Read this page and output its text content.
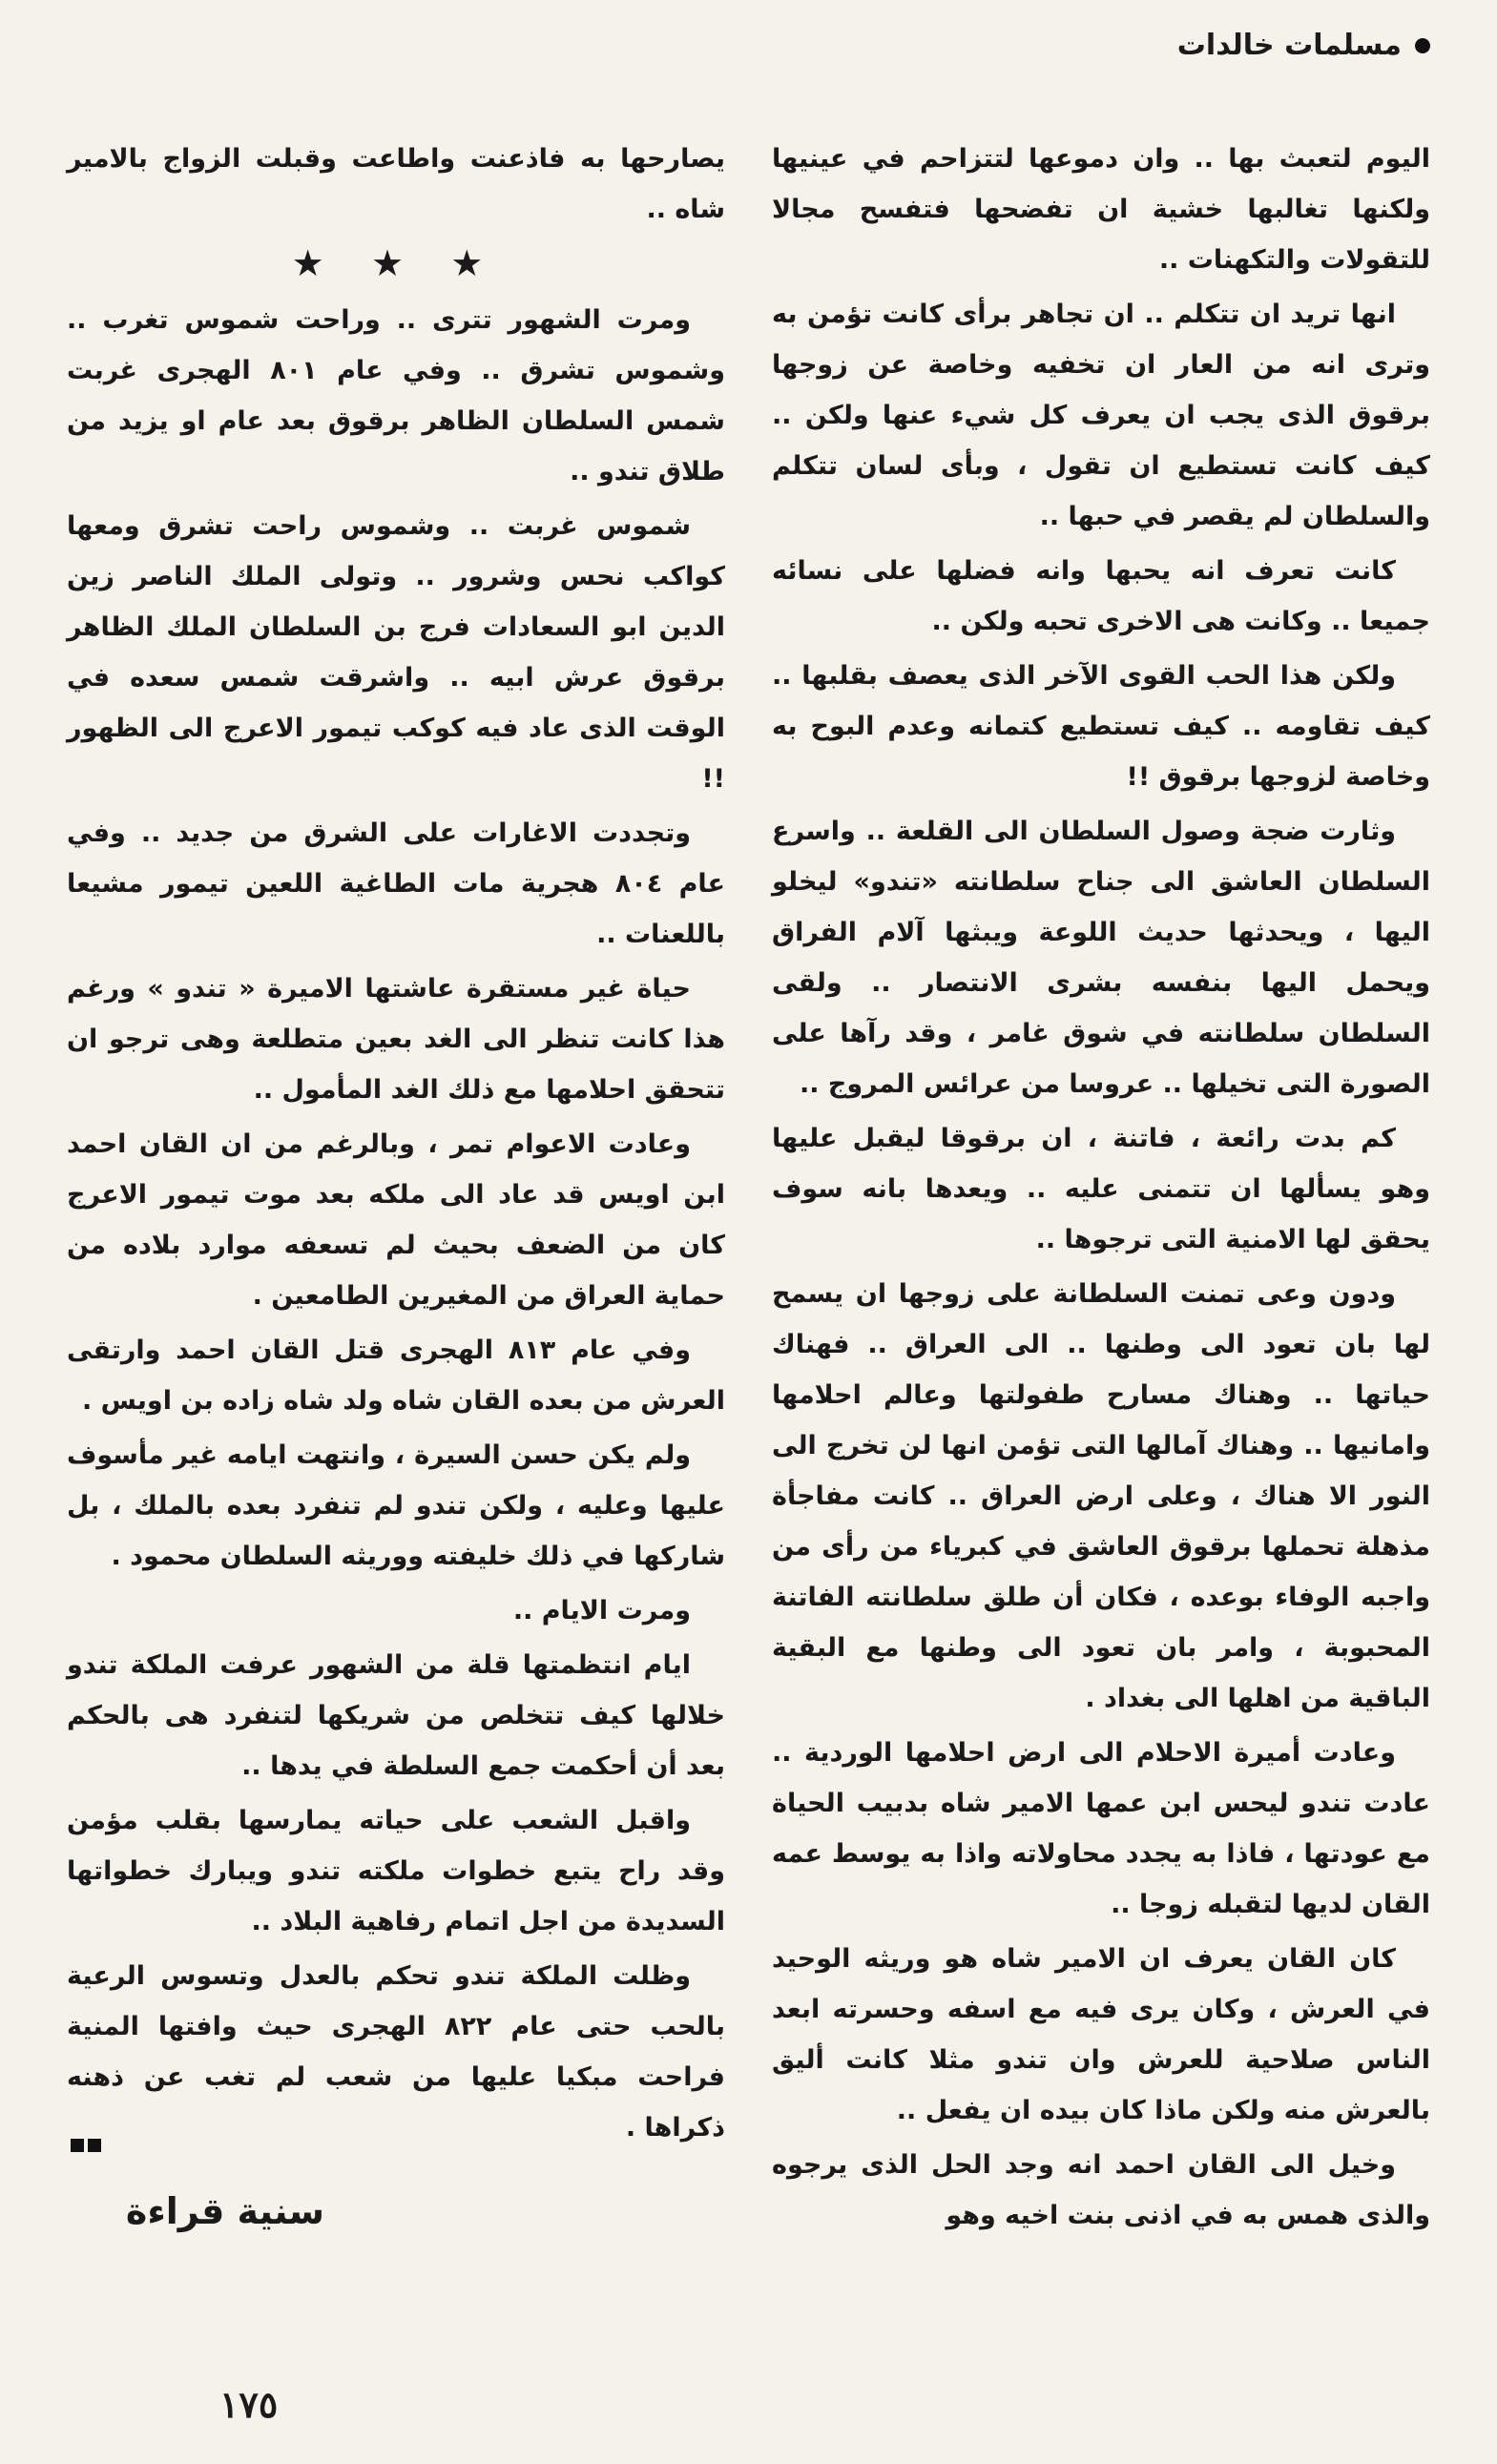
مسلمات خالدات

اليوم لتعبث بها .. وان دموعها لتتزاحم في عينيها ولكنها تغالبها خشية ان تفضحها فتفسح مجالا للتقولات والتكهنات ..

انها تريد ان تتكلم .. ان تجاهر برأى كانت تؤمن به وترى انه من العار ان تخفيه وخاصة عن زوجها برقوق الذى يجب ان يعرف كل شيء عنها ولكن .. كيف كانت تستطيع ان تقول ، وبأى لسان تتكلم والسلطان لم يقصر في حبها ..

كانت تعرف انه يحبها وانه فضلها على نسائه جميعا .. وكانت هى الاخرى تحبه ولكن ..

ولكن هذا الحب القوى الآخر الذى يعصف بقلبها .. كيف تقاومه .. كيف تستطيع كتمانه وعدم البوح به وخاصة لزوجها برقوق !!

وثارت ضجة وصول السلطان الى القلعة .. واسرع السلطان العاشق الى جناح سلطانته «تندو» ليخلو اليها ، ويحدثها حديث اللوعة ويبثها آلام الفراق ويحمل اليها بنفسه بشرى الانتصار .. ولقى السلطان سلطانته في شوق غامر ، وقد رآها على الصورة التى تخيلها .. عروسا من عرائس المروج ..

كم بدت رائعة ، فاتنة ، ان برقوقا ليقبل عليها وهو يسألها ان تتمنى عليه .. ويعدها بانه سوف يحقق لها الامنية التى ترجوها ..

ودون وعى تمنت السلطانة على زوجها ان يسمح لها بان تعود الى وطنها .. الى العراق .. فهناك حياتها .. وهناك مسارح طفولتها وعالم احلامها وامانيها .. وهناك آمالها التى تؤمن انها لن تخرج الى النور الا هناك ، وعلى ارض العراق .. كانت مفاجأة مذهلة تحملها برقوق العاشق في كبرياء من رأى من واجبه الوفاء بوعده ، فكان أن طلق سلطانته الفاتنة المحبوبة ، وامر بان تعود الى وطنها مع البقية الباقية من اهلها الى بغداد .

وعادت أميرة الاحلام الى ارض احلامها الوردية .. عادت تندو ليحس ابن عمها الامير شاه بدبيب الحياة مع عودتها ، فاذا به يجدد محاولاته واذا به يوسط عمه القان لديها لتقبله زوجا ..

كان القان يعرف ان الامير شاه هو وريثه الوحيد في العرش ، وكان يرى فيه مع اسفه وحسرته ابعد الناس صلاحية للعرش وان تندو مثلا كانت أليق بالعرش منه ولكن ماذا كان بيده ان يفعل ..

وخيل الى القان احمد انه وجد الحل الذى يرجوه والذى همس به في اذنى بنت اخيه وهو

يصارحها به فاذعنت واطاعت وقبلت الزواج بالامير شاه ..

★ ★ ★

ومرت الشهور تترى .. وراحت شموس تغرب .. وشموس تشرق .. وفي عام ٨٠١ الهجرى غربت شمس السلطان الظاهر برقوق بعد عام او يزيد من طلاق تندو ..

شموس غربت .. وشموس راحت تشرق ومعها كواكب نحس وشرور .. وتولى الملك الناصر زين الدين ابو السعادات فرج بن السلطان الملك الظاهر برقوق عرش ابيه .. واشرقت شمس سعده في الوقت الذى عاد فيه كوكب تيمور الاعرج الى الظهور !!

وتجددت الاغارات على الشرق من جديد .. وفي عام ٨٠٤ هجرية مات الطاغية اللعين تيمور مشيعا باللعنات ..

حياة غير مستقرة عاشتها الاميرة « تندو » ورغم هذا كانت تنظر الى الغد بعين متطلعة وهى ترجو ان تتحقق احلامها مع ذلك الغد المأمول ..

وعادت الاعوام تمر ، وبالرغم من ان القان احمد ابن اويس قد عاد الى ملكه بعد موت تيمور الاعرج كان من الضعف بحيث لم تسعفه موارد بلاده من حماية العراق من المغيرين الطامعين .

وفي عام ٨١٣ الهجرى قتل القان احمد وارتقى العرش من بعده القان شاه ولد شاه زاده بن اويس .

ولم يكن حسن السيرة ، وانتهت ايامه غير مأسوف عليها وعليه ، ولكن تندو لم تنفرد بعده بالملك ، بل شاركها في ذلك خليفته ووريثه السلطان محمود .

ومرت الايام ..

ايام انتظمتها قلة من الشهور عرفت الملكة تندو خلالها كيف تتخلص من شريكها لتنفرد هى بالحكم بعد أن أحكمت جمع السلطة في يدها ..

واقبل الشعب على حياته يمارسها بقلب مؤمن وقد راح يتبع خطوات ملكته تندو ويبارك خطواتها السديدة من اجل اتمام رفاهية البلاد ..

وظلت الملكة تندو تحكم بالعدل وتسوس الرعية بالحب حتى عام ٨٢٢ الهجرى حيث وافتها المنية فراحت مبكيا عليها من شعب لم تغب عن ذهنه ذكراها .

سنية قراءة
١٧٥
